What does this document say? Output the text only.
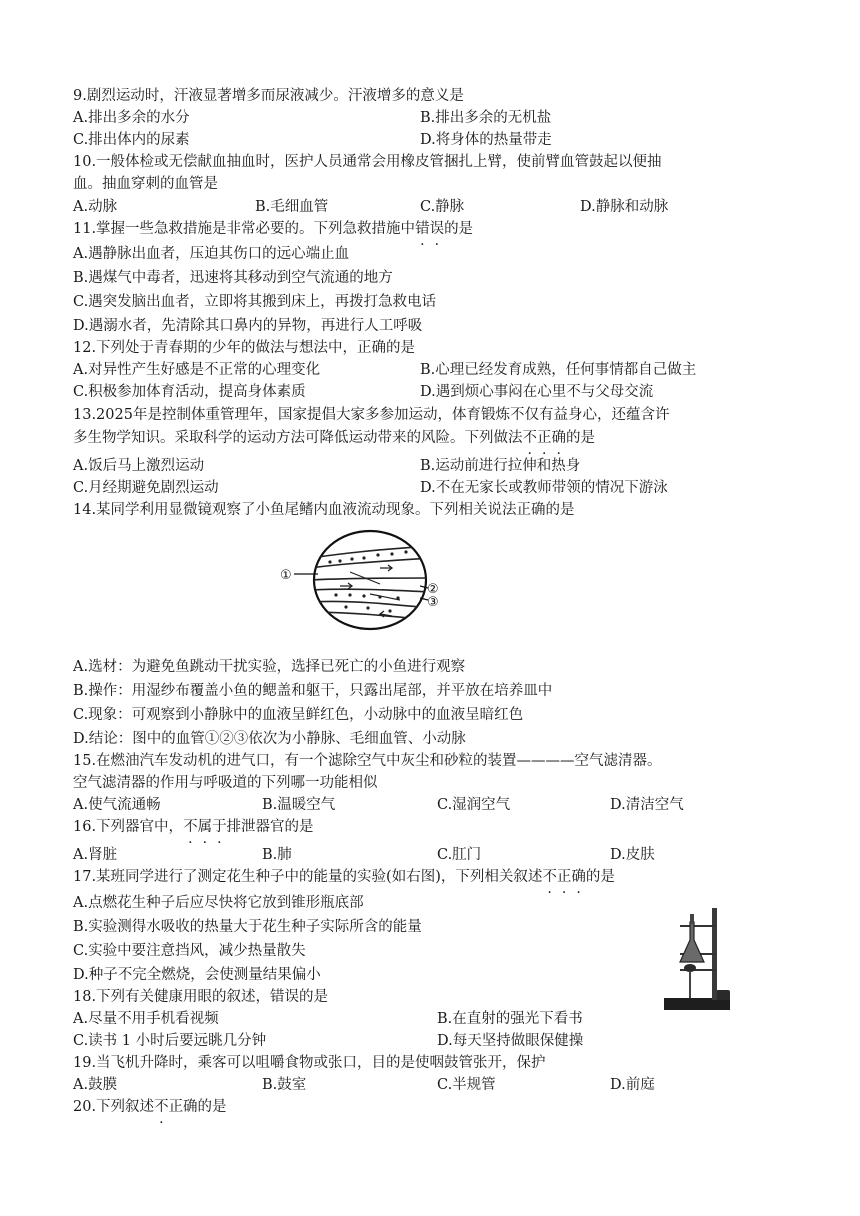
9.剧烈运动时，汗液显著增多而尿液减少。汗液增多的意义是
A.排出多余的水分	B.排出多余的无机盐
C.排出体内的尿素	D.将身体的热量带走
10.一般体检或无偿献血抽血时，医护人员通常会用橡皮管捆扎上臂，使前臂血管鼓起以便抽
血。抽血穿刺的血管是
A.动脉	B.毛细血管	C.静脉	D.静脉和动脉
11.掌握一些急救措施是非常必要的。下列急救措施中错误的是
A.遇静脉出血者，压迫其伤口的远心端止血
B.遇煤气中毒者，迅速将其移动到空气流通的地方
C.遇突发脑出血者，立即将其搬到床上，再拨打急救电话
D.遇溺水者，先清除其口鼻内的异物，再进行人工呼吸
12.下列处于青春期的少年的做法与想法中，正确的是
A.对异性产生好感是不正常的心理变化	B.心理已经发育成熟，任何事情都自己做主
C.积极参加体育活动，提高身体素质	D.遇到烦心事闷在心里不与父母交流
13.2025年是控制体重管理年，国家提倡大家多参加运动，体育锻炼不仅有益身心，还蕴含许
多生物学知识。采取科学的运动方法可降低运动带来的风险。下列做法不正确的是
A.饭后马上激烈运动	B.运动前进行拉伸和热身
C.月经期避免剧烈运动	D.不在无家长或教师带领的情况下游泳
14.某同学利用显微镜观察了小鱼尾鳍内血液流动现象。下列相关说法正确的是
①
②
③
A.选材：为避免鱼跳动干扰实验，选择已死亡的小鱼进行观察
B.操作：用湿纱布覆盖小鱼的鳃盖和躯干，只露出尾部，并平放在培养皿中
C.现象：可观察到小静脉中的血液呈鲜红色，小动脉中的血液呈暗红色
D.结论：图中的血管①②③依次为小静脉、毛细血管、小动脉
15.在燃油汽车发动机的进气口，有一个滤除空气中灰尘和砂粒的装置————空气滤清器。
空气滤清器的作用与呼吸道的下列哪一功能相似
A.使气流通畅	B.温暖空气	C.湿润空气	D.清洁空气
16.下列器官中，不属于排泄器官的是
A.肾脏	B.肺	C.肛门	D.皮肤
17.某班同学进行了测定花生种子中的能量的实验(如右图)，下列相关叙述不正确的是
A.点燃花生种子后应尽快将它放到锥形瓶底部
B.实验测得水吸收的热量大于花生种子实际所含的能量
C.实验中要注意挡风，减少热量散失
D.种子不完全燃烧，会使测量结果偏小
18.下列有关健康用眼的叙述，错误的是
A.尽量不用手机看视频	B.在直射的强光下看书
C.读书 1 小时后要远眺几分钟	D.每天坚持做眼保健操
19.当飞机升降时，乘客可以咀嚼食物或张口，目的是使咽鼓管张开，保护
A.鼓膜	B.鼓室	C.半规管	D.前庭
20.下列叙述不正确的是
